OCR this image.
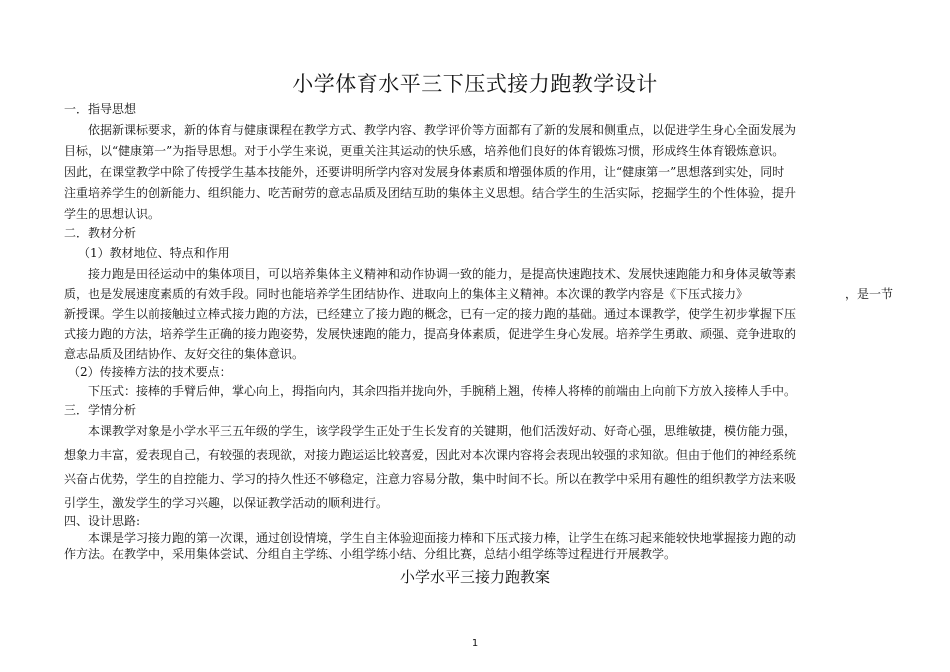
小学体育水平三下压式接力跑教学设计
一．指导思想
依据新课标要求，新的体育与健康课程在教学方式、教学内容、教学评价等方面都有了新的发展和侧重点，以促进学生身心全面发展为
目标，以“健康第一”为指导思想。对于小学生来说，更重关注其运动的快乐感，培养他们良好的体育锻炼习惯，形成终生体育锻炼意识。
因此，在课堂教学中除了传授学生基本技能外，还要讲明所学内容对发展身体素质和增强体质的作用，让“健康第一”思想落到实处，同时
注重培养学生的创新能力、组织能力、吃苦耐劳的意志品质及团结互助的集体主义思想。结合学生的生活实际，挖掘学生的个性体验，提升
学生的思想认识。
二．教材分析
（1）教材地位、特点和作用
接力跑是田径运动中的集体项目，可以培养集体主义精神和动作协调一致的能力，是提高快速跑技术、发展快速跑能力和身体灵敏等素
质，也是发展速度素质的有效手段。同时也能培养学生团结协作、进取向上的集体主义精神。本次课的教学内容是《下压式接力》	，是一节
新授课。学生以前接触过立棒式接力跑的方法，已经建立了接力跑的概念，已有一定的接力跑的基础。通过本课教学，使学生初步掌握下压
式接力跑的方法，培养学生正确的接力跑姿势，发展快速跑的能力，提高身体素质，促进学生身心发展。培养学生勇敢、顽强、竞争进取的
意志品质及团结协作、友好交往的集体意识。
（2）传接棒方法的技术要点：
下压式：接棒的手臂后伸，掌心向上，拇指向内，其余四指并拢向外，手腕稍上翘，传棒人将棒的前端由上向前下方放入接棒人手中。
三．学情分析
本课教学对象是小学水平三五年级的学生，该学段学生正处于生长发育的关键期，他们活泼好动、好奇心强，思维敏捷，模仿能力强，
想象力丰富，爱表现自己，有较强的表现欲，对接力跑运运比较喜爱，因此对本次课内容将会表现出较强的求知欲。但由于他们的神经系统
兴奋占优势，学生的自控能力、学习的持久性还不够稳定，注意力容易分散，集中时间不长。所以在教学中采用有趣性的组织教学方法来吸
引学生，激发学生的学习兴趣，以保证教学活动的顺利进行。
四、设计思路:
本课是学习接力跑的第一次课，通过创设情境，学生自主体验迎面接力棒和下压式接力棒，让学生在练习起来能较快地掌握接力跑的动
作方法。在教学中，采用集体尝试、分组自主学练、小组学练小结、分组比赛，总结小组学练等过程进行开展教学。
小学水平三接力跑教案
1
